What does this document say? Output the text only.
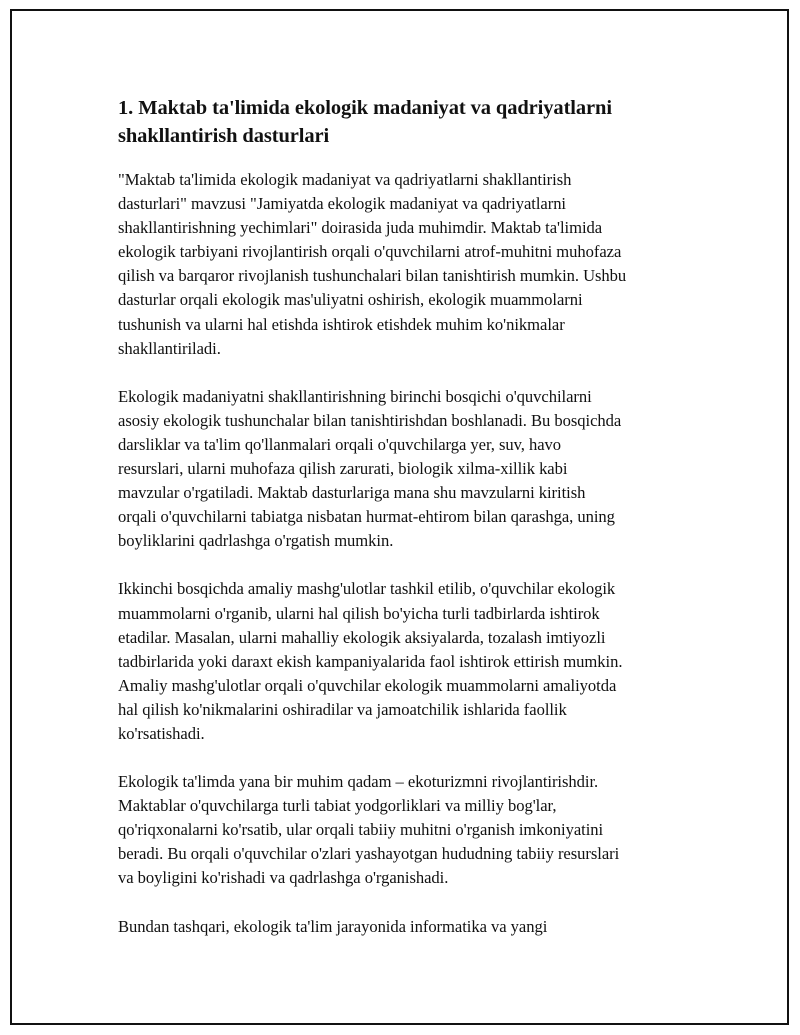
1. Maktab ta'limida ekologik madaniyat va qadriyatlarni
shakllantirish dasturlari

"Maktab ta'limida ekologik madaniyat va qadriyatlarni shakllantirish
dasturlari" mavzusi "Jamiyatda ekologik madaniyat va qadriyatlarni
shakllantirishning yechimlari" doirasida juda muhimdir. Maktab ta'limida
ekologik tarbiyani rivojlantirish orqali o'quvchilarni atrof-muhitni muhofaza
qilish va barqaror rivojlanish tushunchalari bilan tanishtirish mumkin. Ushbu
dasturlar orqali ekologik mas'uliyatni oshirish, ekologik muammolarni
tushunish va ularni hal etishda ishtirok etishdek muhim ko'nikmalar
shakllantiriladi.

Ekologik madaniyatni shakllantirishning birinchi bosqichi o'quvchilarni
asosiy ekologik tushunchalar bilan tanishtirishdan boshlanadi. Bu bosqichda
darsliklar va ta'lim qo'llanmalari orqali o'quvchilarga yer, suv, havo
resurslari, ularni muhofaza qilish zarurati, biologik xilma-xillik kabi
mavzular o'rgatiladi. Maktab dasturlariga mana shu mavzularni kiritish
orqali o'quvchilarni tabiatga nisbatan hurmat-ehtirom bilan qarashga, uning
boyliklarini qadrlashga o'rgatish mumkin.

Ikkinchi bosqichda amaliy mashg'ulotlar tashkil etilib, o'quvchilar ekologik
muammolarni o'rganib, ularni hal qilish bo'yicha turli tadbirlarda ishtirok
etadilar. Masalan, ularni mahalliy ekologik aksiyalarda, tozalash imtiyozli
tadbirlarida yoki daraxt ekish kampaniyalarida faol ishtirok ettirish mumkin.
Amaliy mashg'ulotlar orqali o'quvchilar ekologik muammolarni amaliyotda
hal qilish ko'nikmalarini oshiradilar va jamoatchilik ishlarida faollik
ko'rsatishadi.

Ekologik ta'limda yana bir muhim qadam – ekoturizmni rivojlantirishdir.
Maktablar o'quvchilarga turli tabiat yodgorliklari va milliy bog'lar,
qo'riqxonalarni ko'rsatib, ular orqali tabiiy muhitni o'rganish imkoniyatini
beradi. Bu orqali o'quvchilar o'zlari yashayotgan hududning tabiiy resurslari
va boyligini ko'rishadi va qadrlashga o'rganishadi.

Bundan tashqari, ekologik ta'lim jarayonida informatika va yangi
